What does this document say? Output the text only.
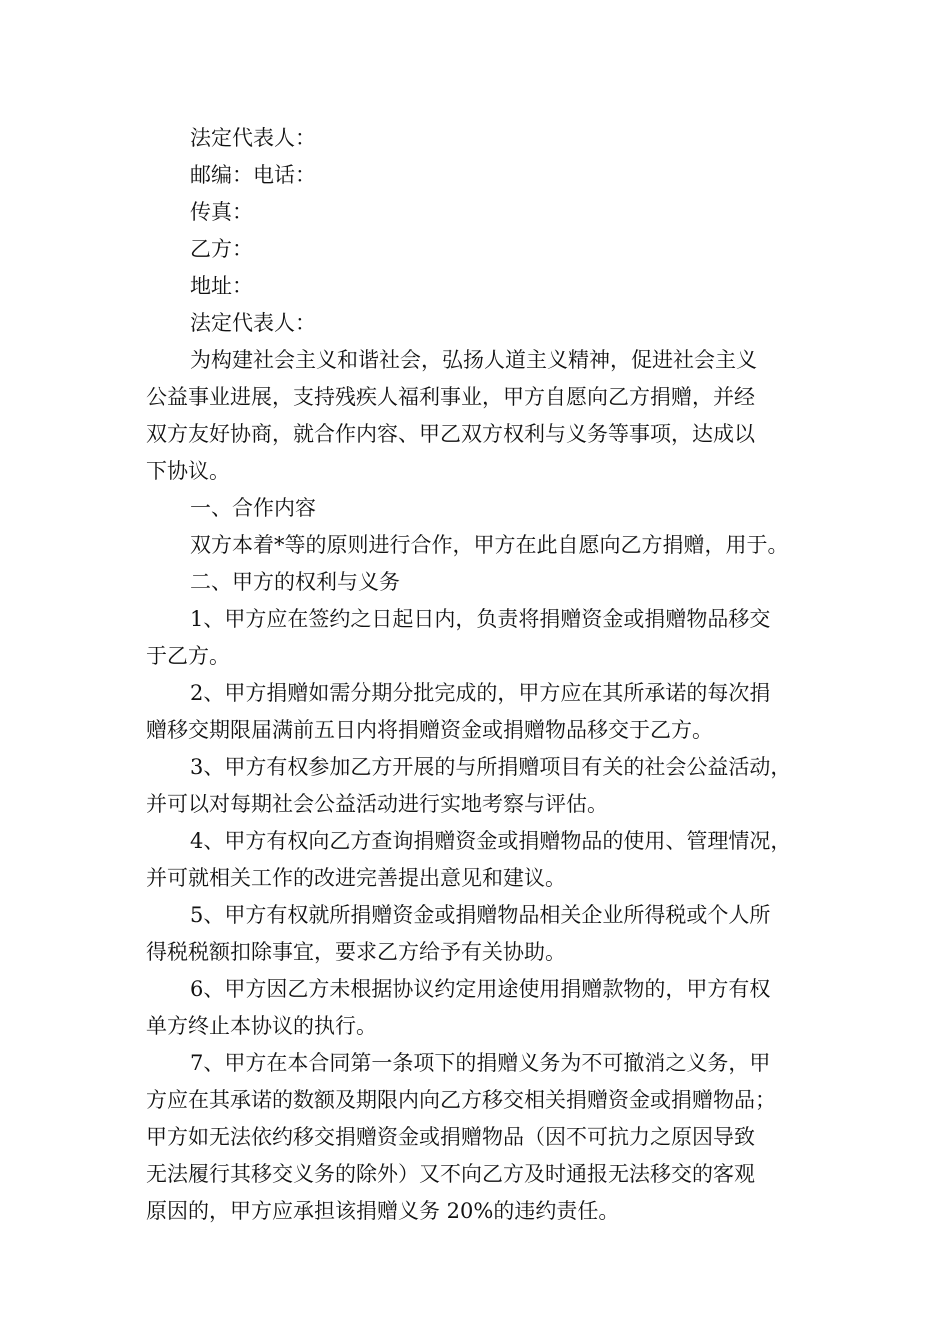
法定代表人：
邮编：电话：
传真：
乙方：
地址：
法定代表人：
为构建社会主义和谐社会，弘扬人道主义精神，促进社会主义
公益事业进展，支持残疾人福利事业，甲方自愿向乙方捐赠，并经
双方友好协商，就合作内容、甲乙双方权利与义务等事项，达成以
下协议。
一、合作内容
双方本着*等的原则进行合作，甲方在此自愿向乙方捐赠，用于。
二、甲方的权利与义务
1、甲方应在签约之日起日内，负责将捐赠资金或捐赠物品移交
于乙方。
2、甲方捐赠如需分期分批完成的，甲方应在其所承诺的每次捐
赠移交期限届满前五日内将捐赠资金或捐赠物品移交于乙方。
3、甲方有权参加乙方开展的与所捐赠项目有关的社会公益活动，
并可以对每期社会公益活动进行实地考察与评估。
4、甲方有权向乙方查询捐赠资金或捐赠物品的使用、管理情况，
并可就相关工作的改进完善提出意见和建议。
5、甲方有权就所捐赠资金或捐赠物品相关企业所得税或个人所
得税税额扣除事宜，要求乙方给予有关协助。
6、甲方因乙方未根据协议约定用途使用捐赠款物的，甲方有权
单方终止本协议的执行。
7、甲方在本合同第一条项下的捐赠义务为不可撤消之义务，甲
方应在其承诺的数额及期限内向乙方移交相关捐赠资金或捐赠物品；
甲方如无法依约移交捐赠资金或捐赠物品（因不可抗力之原因导致
无法履行其移交义务的除外）又不向乙方及时通报无法移交的客观
原因的，甲方应承担该捐赠义务 20%的违约责任。
